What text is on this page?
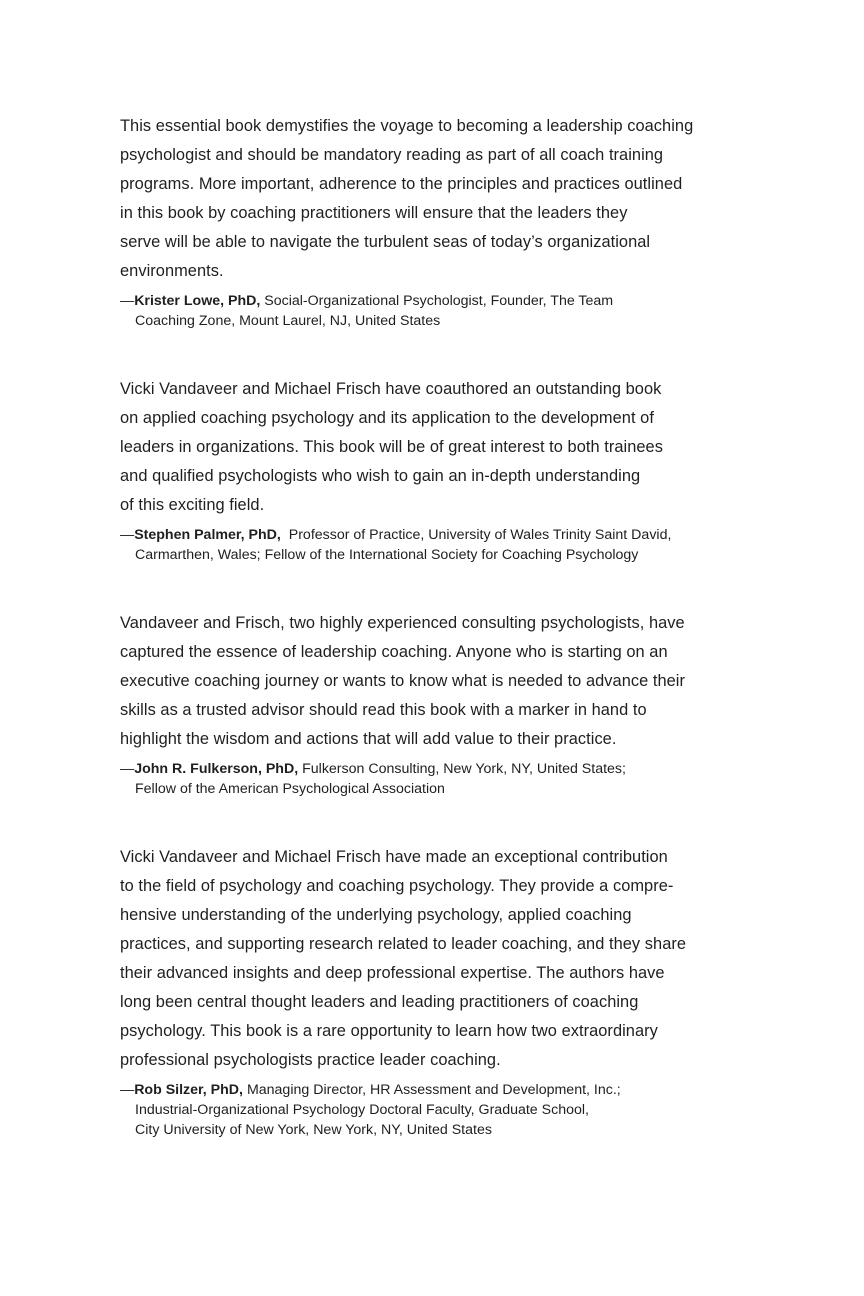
This essential book demystifies the voyage to becoming a leadership coaching
psychologist and should be mandatory reading as part of all coach training
programs. More important, adherence to the principles and practices outlined
in this book by coaching practitioners will ensure that the leaders they
serve will be able to navigate the turbulent seas of today’s organizational
environments.
—Krister Lowe, PhD, Social-Organizational Psychologist, Founder, The Team
Coaching Zone, Mount Laurel, NJ, United States
Vicki Vandaveer and Michael Frisch have coauthored an outstanding book
on applied coaching psychology and its application to the development of
leaders in organizations. This book will be of great interest to both trainees
and qualified psychologists who wish to gain an in-depth understanding
of this exciting field.
—Stephen Palmer, PhD,  Professor of Practice, University of Wales Trinity Saint David,
Carmarthen, Wales; Fellow of the International Society for Coaching Psychology
Vandaveer and Frisch, two highly experienced consulting psychologists, have
captured the essence of leadership coaching. Anyone who is starting on an
executive coaching journey or wants to know what is needed to advance their
skills as a trusted advisor should read this book with a marker in hand to
highlight the wisdom and actions that will add value to their practice.
—John R. Fulkerson, PhD, Fulkerson Consulting, New York, NY, United States;
Fellow of the American Psychological Association
Vicki Vandaveer and Michael Frisch have made an exceptional contribution
to the field of psychology and coaching psychology. They provide a compre-
hensive understanding of the underlying psychology, applied coaching
practices, and supporting research related to leader coaching, and they share
their advanced insights and deep professional expertise. The authors have
long been central thought leaders and leading practitioners of coaching
psychology. This book is a rare opportunity to learn how two extraordinary
professional psychologists practice leader coaching.
—Rob Silzer, PhD, Managing Director, HR Assessment and Development, Inc.;
Industrial-Organizational Psychology Doctoral Faculty, Graduate School,
City University of New York, New York, NY, United States
